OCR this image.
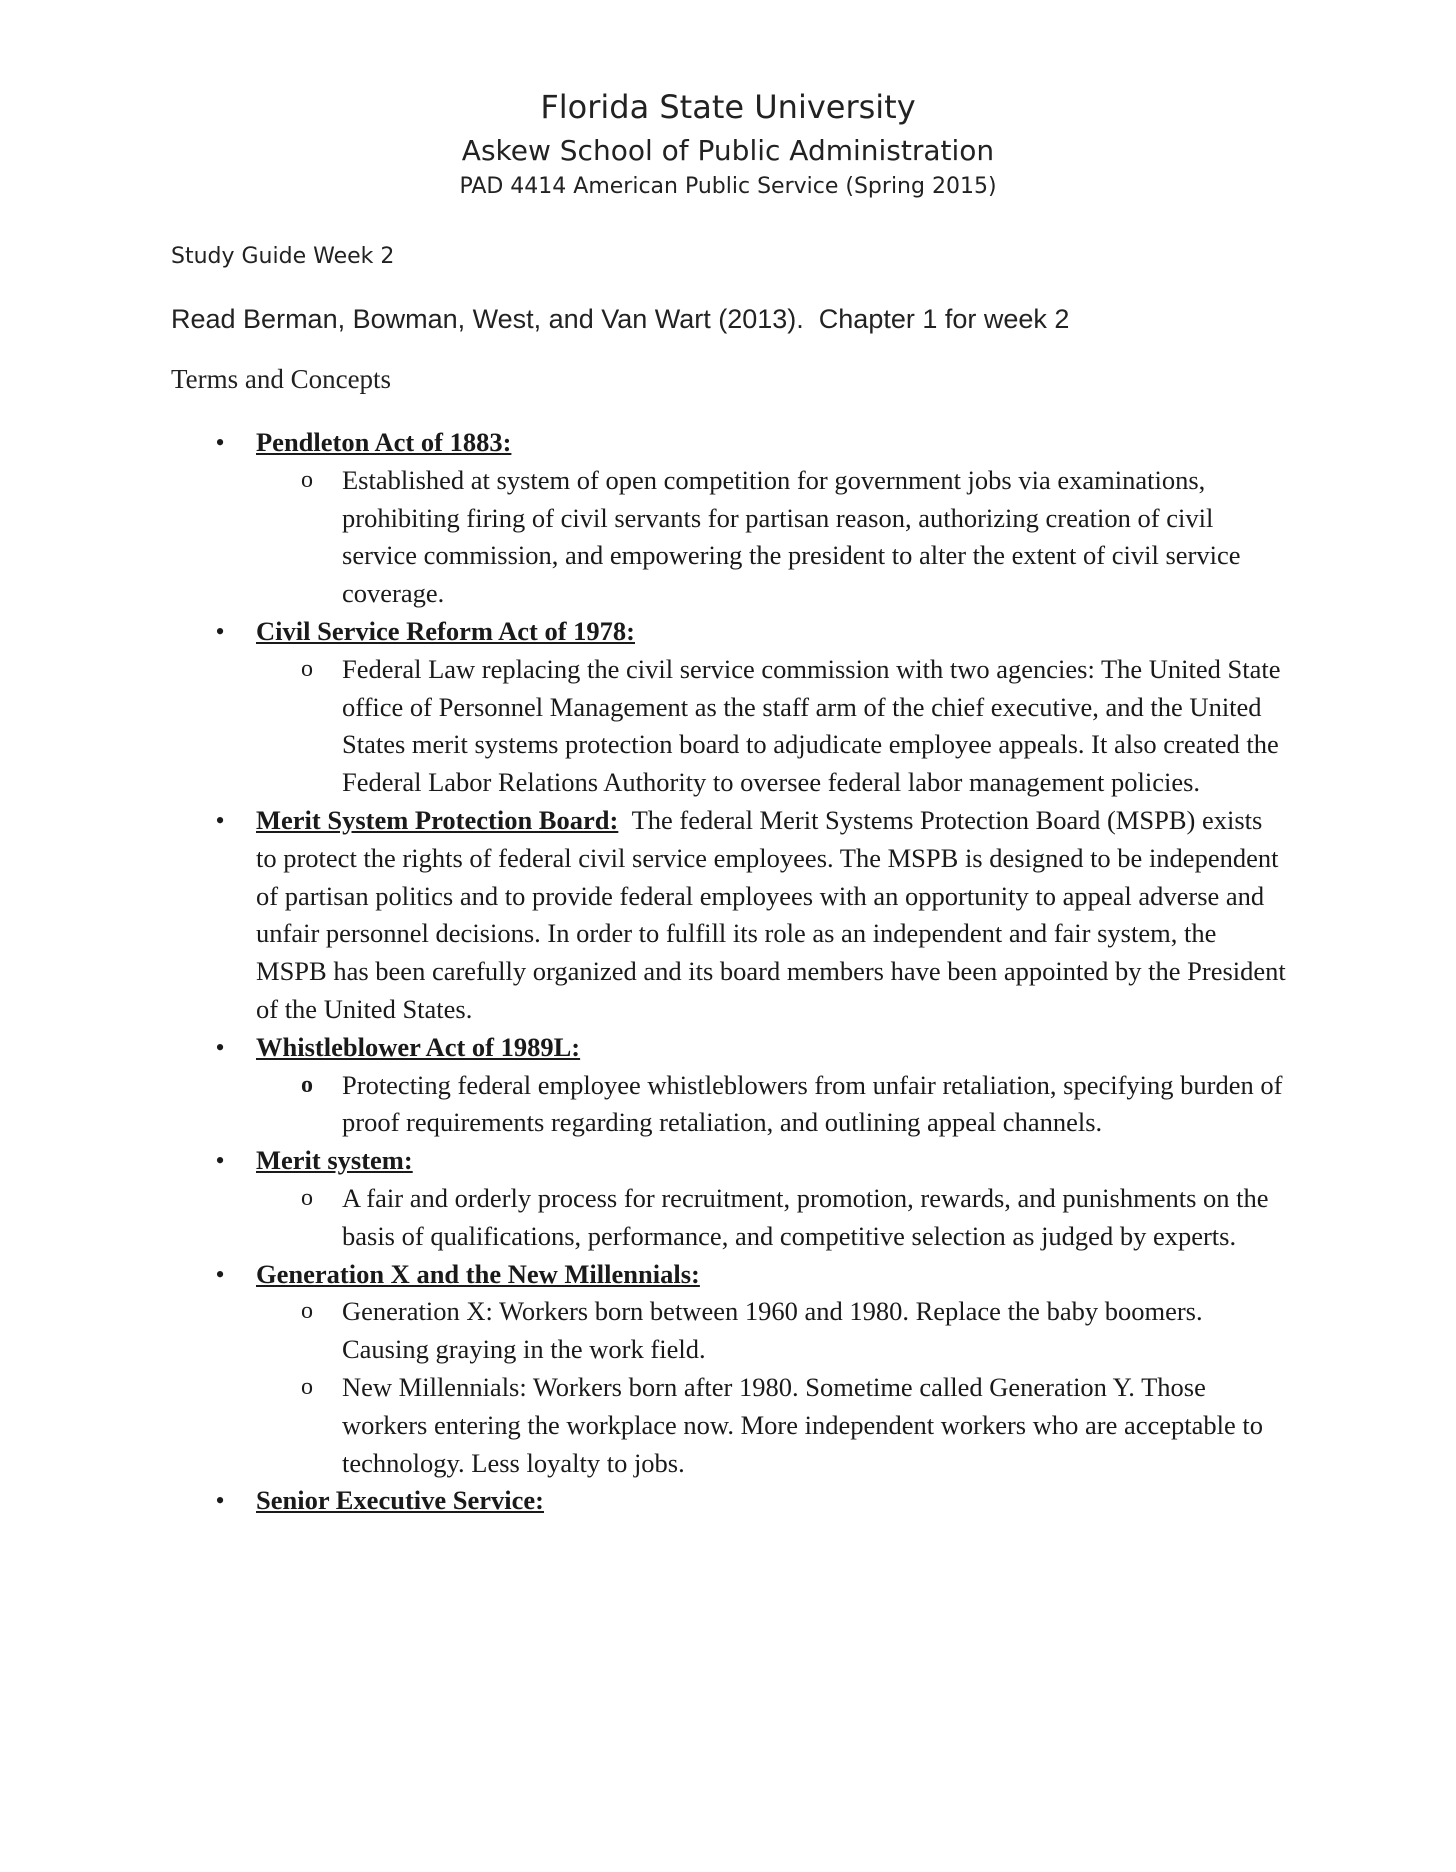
Florida State University
Askew School of Public Administration
PAD 4414 American Public Service (Spring 2015)
Study Guide Week 2
Read Berman, Bowman, West, and Van Wart (2013).  Chapter 1 for week 2
Terms and Concepts
• Pendleton Act of 1883:
o Established at system of open competition for government jobs via examinations, prohibiting firing of civil servants for partisan reason, authorizing creation of civil service commission, and empowering the president to alter the extent of civil service coverage.
• Civil Service Reform Act of 1978:
o Federal Law replacing the civil service commission with two agencies: The United State office of Personnel Management as the staff arm of the chief executive, and the United States merit systems protection board to adjudicate employee appeals. It also created the Federal Labor Relations Authority to oversee federal labor management policies.
• Merit System Protection Board: The federal Merit Systems Protection Board (MSPB) exists to protect the rights of federal civil service employees. The MSPB is designed to be independent of partisan politics and to provide federal employees with an opportunity to appeal adverse and unfair personnel decisions. In order to fulfill its role as an independent and fair system, the MSPB has been carefully organized and its board members have been appointed by the President of the United States.
• Whistleblower Act of 1989L:
o Protecting federal employee whistleblowers from unfair retaliation, specifying burden of proof requirements regarding retaliation, and outlining appeal channels.
• Merit system:
o A fair and orderly process for recruitment, promotion, rewards, and punishments on the basis of qualifications, performance, and competitive selection as judged by experts.
• Generation X and the New Millennials:
o Generation X: Workers born between 1960 and 1980. Replace the baby boomers. Causing graying in the work field.
o New Millennials: Workers born after 1980. Sometime called Generation Y. Those workers entering the workplace now. More independent workers who are acceptable to technology. Less loyalty to jobs.
• Senior Executive Service:
